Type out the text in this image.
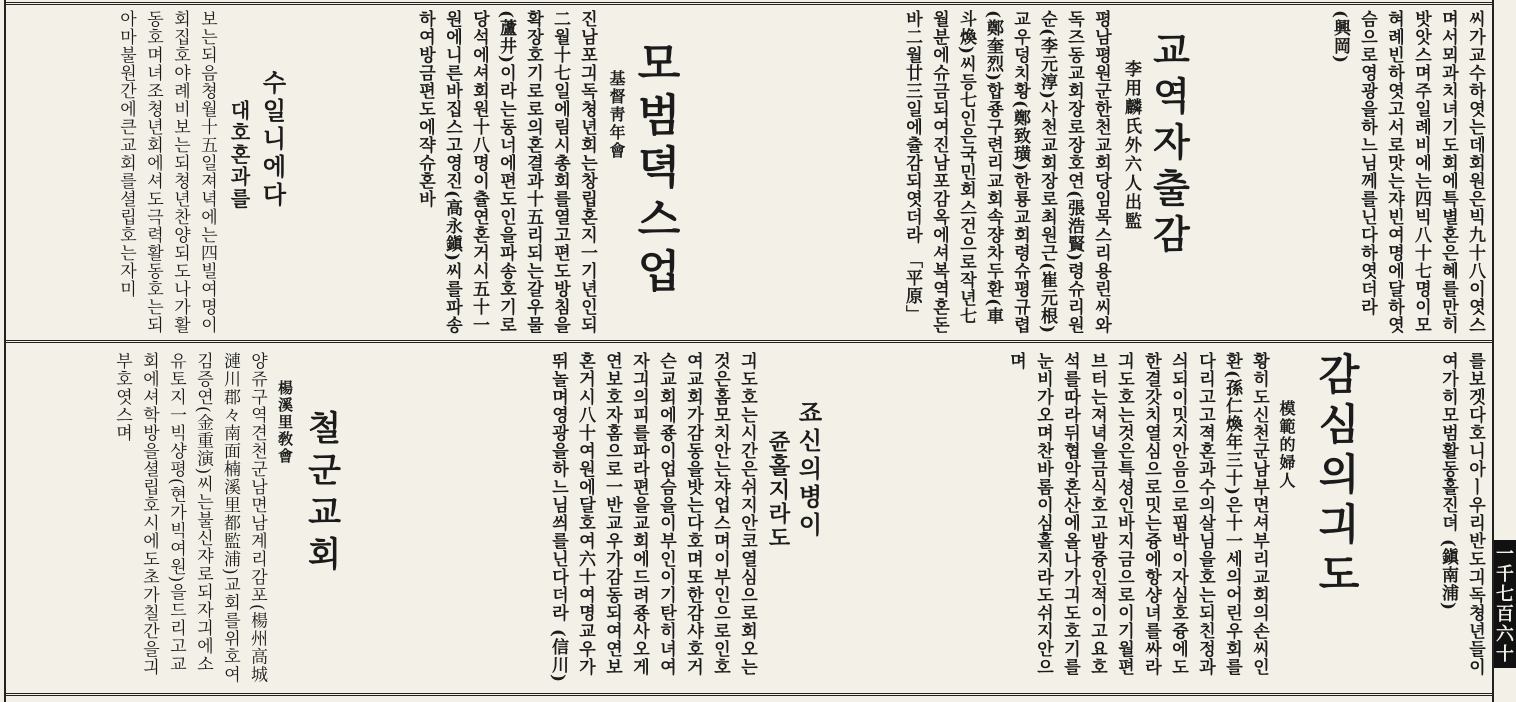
씨가교수하엿는데회원은빅九十八이엿스며서뫼과치녀기도회에특별혼은혜를만히밧앗스며주일례비에는四빅八十七명이모혀례빈하엿고서로맛는쟈빈여명에달하엿슴으로영광을하느님께를닌다하엿더라 (興岡)
교역자출감
李用麟氏外六人出監
평남평원군한천교회당임목스리용린씨와독즈동교회장로장호연(張浩賢)령슈리원순(李元淳)사천교회장로최원근(崔元根)교우덩치황(鄭致璜)한룡교회령슈평규렵(鄭奎烈)합죵구련리교회속쟝차두환(車斗煥)씨등七인은국민회스건으로작년七월분에슈금되여진남포감옥에셔복역혼돈바二월廿三일에츌감되엿더라 「平原」
모범뎍스업
基督靑年會
진남포긔독쳥년회는창립혼지一기년인되二월十七일에림시총회를열고편도방침을확장호기로로의혼결과十五리되는갈우물(蘆井)이라는동너에편도인을파송호기로당석에셔회원十八명이츌연혼거시五十一원에니른바집스고영진(高永鎭)씨를파송하여방금편도에쟉슈혼바
수일니에다
대호혼과를
보는되음쳥월十五일져녁에는四빌여명이회집호야례비보는되쳥년찬양되도나가활동호며녀조쳥년회에셔도극력활동호는되아마불원간에큰교회를셜립호는자미
를보겟다호니아ㅣ우리반도긔독쳥년들이여가히모범활동홀진뎌 (鎭南浦)
감심의긔도
模範的婦人
황히도신천군남부면셔부리교회의손씨인환(孫仁煥年三十)은十一세의어린우회를다리고고젹혼과수의살님을호는되친정과싀되이밋지안음으로핍박이자심호즁에도한결갓치열심으로밋는즁에항샹녀를싸라긔도호는것은특셩인바지금으로이기월편브터는져녁을금식호고밤즁인적이고요호석를따라뒤협악혼산에올나가긔도호기를눈비가오며찬바롬이심홀지라도쉬지안으며
죠신의병이
쥰홀지라도
긔도호는시간은쉬지안코열심으로회오는것은홈모치안는쟈업스며이부인으로인호여교회가감동을밧는다호며또한감샤호거슨교회에죵이업슴을이부인이기탄히녀여자긔의피를파라편을교회에드려죵사오게연보호자홈으로一반교우가감동되여연보혼거시八十여원에달호여六十여명교우가뛰놀며영광을하느님씌를닌다더라 (信川)
철군교회
楊溪里敎會
양쥬구역견천군남면남계리감포(楊州高城漣川郡々南面楠溪里都監浦)교회를위호여김증연(金重演)씨는불신쟈로되자긔에소유토지一빅샹평(현가빅여원)을드리고교회에셔학방을셜립호시에도초가칠간을긔부호엿스며
一千七百六十
